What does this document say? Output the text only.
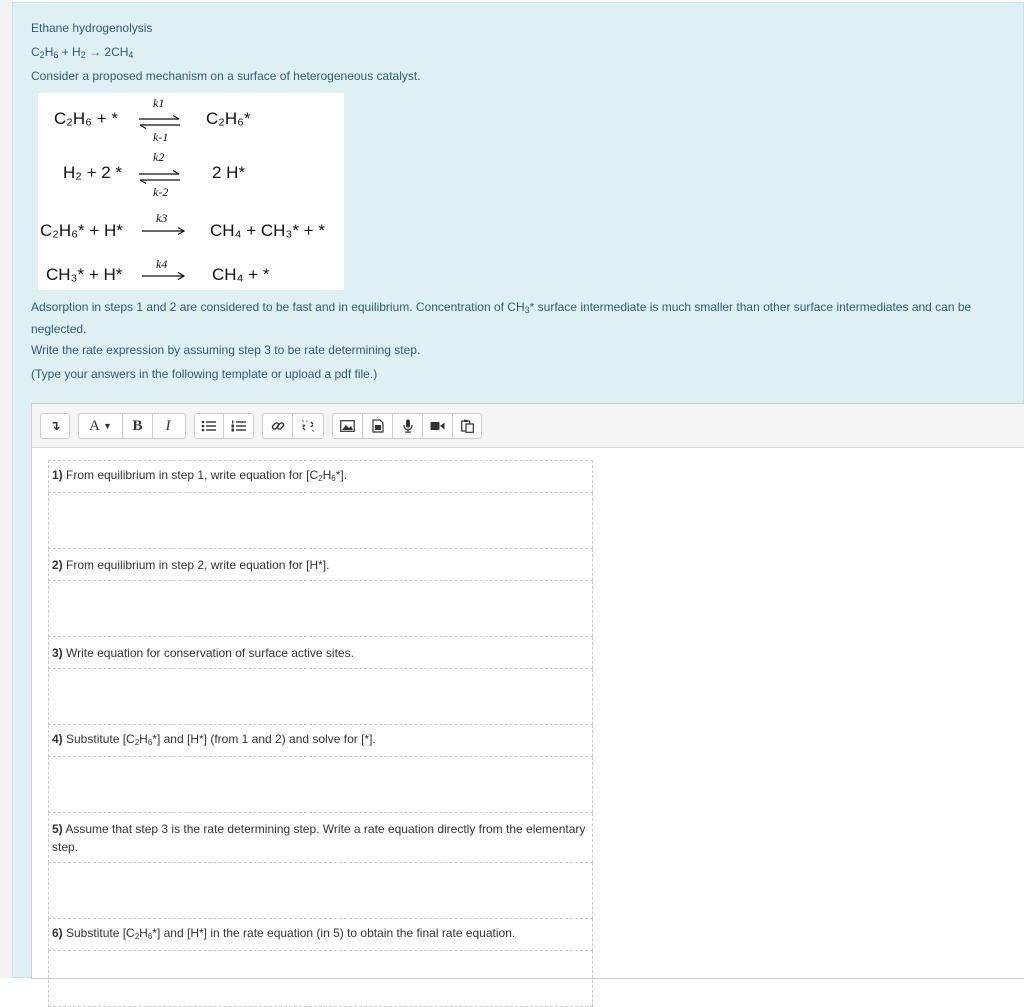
Ethane hydrogenolysis
$C_2H_6 + H_2 \to 2CH_4$
Consider a proposed mechanism on a surface of heterogeneous catalyst.
C₂H₆ + *
k1
k-1
C₂H₆*
H₂ + 2 *
k2
k-2
2 H*
C₂H₆* + H*
k3
CH₄ + CH₃* + *
CH₃* + H*
k4
CH₄ + *
Adsorption in steps 1 and 2 are considered to be fast and in equilibrium. Concentration of $CH_3*$ surface intermediate is much smaller than other surface intermediates and can be neglected.
Write the rate expression by assuming step 3 to be rate determining step.
(Type your answers in the following template or upload a pdf file.)
↴	A ▼	B	I
1) From equilibrium in step 1, write equation for $[C_2H_6*]$.

2) From equilibrium in step 2, write equation for [H*].

3) Write equation for conservation of surface active sites.

4) Substitute $[C_2H_6*]$ and [H*] (from 1 and 2) and solve for [*].

5) Assume that step 3 is the rate determining step. Write a rate equation directly from the elementary step.

6) Substitute $[C_2H_6*]$ and [H*] in the rate equation (in 5) to obtain the final rate equation.
